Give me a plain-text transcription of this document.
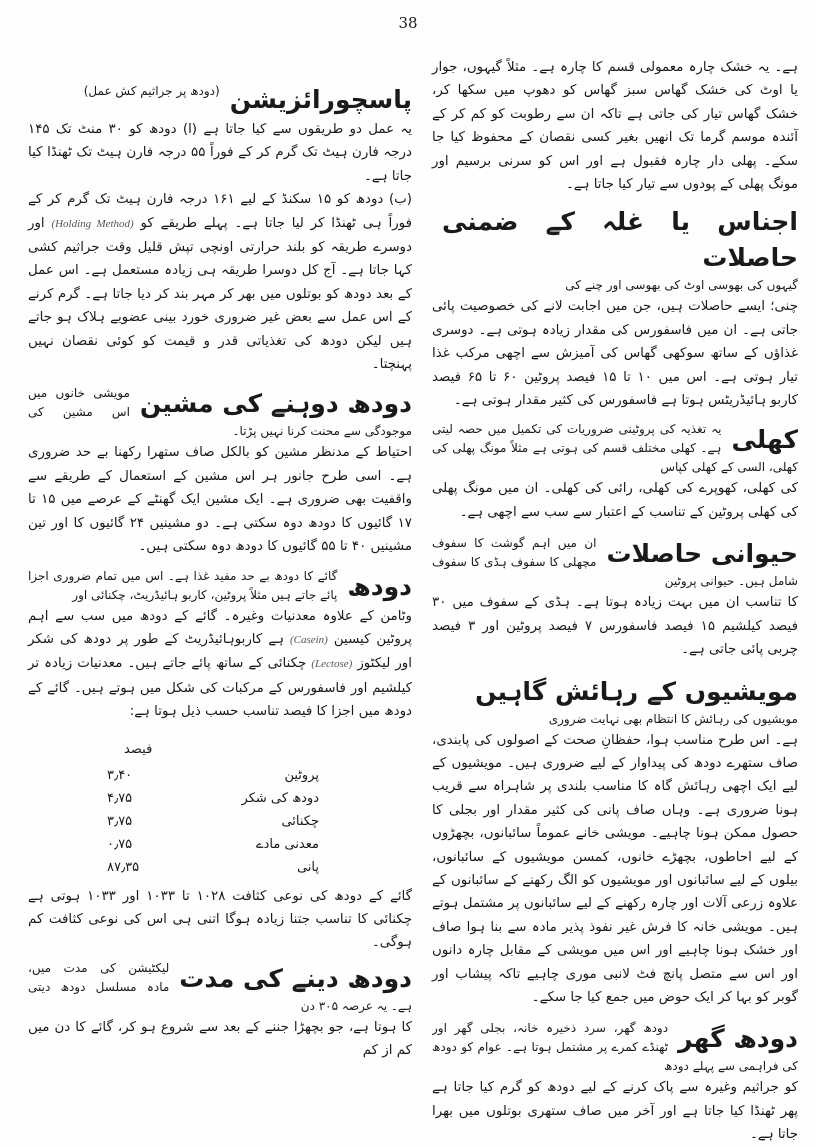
38

ہے۔ یہ خشک چارہ معمولی قسم کا چارہ ہے۔ مثلاً گیہوں، جوار یا اوٹ کی خشک گھاس سبز گھاس کو دھوپ میں سکھا کر، خشک گھاس تیار کی جاتی ہے تاکہ ان سے رطوبت کو کم کر کے آئندہ موسم گرما تک انھیں بغیر کسی نقصان کے محفوظ کیا جا سکے۔ پھلی دار چارہ فقبول ہے اور اس کو سرنی برسیم اور مونگ پھلی کے پودوں سے تیار کیا جاتا ہے۔

اجناس یا غلہ کے ضمنی حاصلات
گیہوں کی بھوسی اوٹ کی بھوسی اور چنے کی

چنی؛ ایسے حاصلات ہیں، جن میں اجابت لانے کی خصوصیت پائی جاتی ہے۔ ان میں فاسفورس کی مقدار زیادہ ہوتی ہے۔ دوسری غذاؤں کے ساتھ سوکھی گھاس کی آمیزش سے اچھی مرکب غذا تیار ہوتی ہے۔ اس میں ۱۰ تا ۱۵ فیصد پروٹین ۶۰ تا ۶۵ فیصد کاربو ہائیڈریٹس ہوتا ہے فاسفورس کی کثیر مقدار ہوتی ہے۔

کھلی
یہ تغذیہ کی پروٹینی ضروریات کی تکمیل میں حصہ لیتی ہے۔ کھلی مختلف قسم کی ہوتی ہے مثلاً مونگ پھلی کی کھلی، السی کے کھلی کپاس

کی کھلی، کھوپرے کی کھلی، رائی کی کھلی۔ ان میں مونگ پھلی کی کھلی پروٹین کے تناسب کے اعتبار سے سب سے اچھی ہے۔

حیوانی حاصلات
ان میں اہم گوشت کا سفوف مچھلی کا سفوف ہڈی کا سفوف شامل ہیں۔ حیوانی پروٹین

کا تناسب ان میں بہت زیادہ ہوتا ہے۔ ہڈی کے سفوف میں ۳۰ فیصد کیلشیم ۱۵ فیصد فاسفورس ۷ فیصد پروٹین اور ۳ فیصد چربی پائی جاتی ہے۔

مویشیوں کے رہائش گاہیں
مویشیوں کی رہائش کا انتظام بھی نہایت ضروری

ہے۔ اس طرح مناسب ہوا، حفظانِ صحت کے اصولوں کی پابندی، صاف ستھرے دودھ کی پیداوار کے لیے ضروری ہیں۔ مویشیوں کے لیے ایک اچھی رہائش گاہ کا مناسب بلندی پر شاہراہ سے قریب ہونا ضروری ہے۔ وہاں صاف پانی کی کثیر مقدار اور بجلی کا حصول ممکن ہونا چاہیے۔ مویشی خانے عموماً سائبانوں، بچھڑوں کے لیے احاطوں، بچھڑے خانوں، کمسن مویشیوں کے سائبانوں، بیلوں کے لیے سائبانوں اور مویشیوں کو الگ رکھنے کے سائبانوں کے علاوہ زرعی آلات اور چارہ رکھنے کے لیے سائبانوں پر مشتمل ہوتے ہیں۔ مویشی خانہ کا فرش غیر نفوذ پذیر مادہ سے بنا ہوا صاف اور خشک ہونا چاہیے اور اس میں مویشی کے مقابل چارہ دانوں اور اس سے متصل پانچ فٹ لانبی موری چاہیے تاکہ پیشاب اور گوبر کو بہا کر ایک حوض میں جمع کیا جا سکے۔

دودھ گھر
دودھ گھر، سرد ذخیرہ خانہ، بجلی گھر اور ٹھنڈے کمرے پر مشتمل ہوتا ہے۔ عوام کو دودھ کی فراہمی سے پہلے دودھ

کو جراثیم وغیرہ سے پاک کرنے کے لیے دودھ کو گرم کیا جاتا ہے پھر ٹھنڈا کیا جاتا ہے اور آخر میں صاف ستھری بوتلوں میں بھرا جاتا ہے۔

پاسچورائزیشن
(دودھ پر جراثیم کش عمل)

یہ عمل دو طریقوں سے کیا جاتا ہے (ا) دودھ کو ۳۰ منٹ تک ۱۴۵ درجہ فارن ہیٹ تک گرم کر کے فوراً ۵۵ درجہ فارن ہیٹ تک ٹھنڈا کیا جاتا ہے۔

(ب) دودھ کو ۱۵ سکنڈ کے لیے ۱۶۱ درجہ فارن ہیٹ تک گرم کر کے فوراً ہی ٹھنڈا کر لیا جاتا ہے۔ پہلے طریقے کو (Holding Method) اور دوسرے طریقہ کو بلند حرارتی اونچی تپش قلیل وقت جراثیم کشی کہا جاتا ہے۔ آج کل دوسرا طریقہ ہی زیادہ مستعمل ہے۔ اس عمل کے بعد دودھ کو بوتلوں میں بھر کر مہر بند کر دیا جاتا ہے۔ گرم کرنے کے اس عمل سے بعض غیر ضروری خورد بینی عضویے ہلاک ہو جاتے ہیں لیکن دودھ کی تغذیاتی قدر و قیمت کو کوئی نقصان نہیں پہنچتا۔

دودھ دوہنے کی مشین
مویشی خانوں میں اس مشین کی موجودگی سے محنت کرنا نہیں پڑتا۔

احتیاط کے مدنظر مشین کو بالکل صاف ستھرا رکھنا بے حد ضروری ہے۔ اسی طرح جانور ہر اس مشین کے استعمال کے طریقے سے واقفیت بھی ضروری ہے۔ ایک مشین ایک گھنٹے کے عرصے میں ۱۵ تا ۱۷ گائیوں کا دودھ دوہ سکتی ہے۔ دو مشینیں ۲۴ گائیوں کا اور تین مشینیں ۴۰ تا ۵۵ گائیوں کا دودھ دوہ سکتی ہیں۔

دودھ
گائے کا دودھ بے حد مفید غذا ہے۔ اس میں تمام ضروری اجزا پائے جاتے ہیں مثلاً پروٹین، کاربو ہائیڈریٹ، چکنائی اور

وٹامن کے علاوہ معدنیات وغیرہ۔ گائے کے دودھ میں سب سے اہم پروٹین کیسین (Casein) ہے کاربوہائیڈریٹ کے طور پر دودھ کی شکر اور لیکٹوز (Lectose) چکنائی کے ساتھ پائے جاتے ہیں۔ معدنیات زیادہ تر کیلشیم اور فاسفورس کے مرکبات کی شکل میں ہوتے ہیں۔ گائے کے دودھ میں اجزا کا فیصد تناسب حسب ذیل ہوتا ہے:

	فیصد
پروٹین	۳٫۴۰
دودھ کی شکر	۴٫۷۵
چکنائی	۳٫۷۵
معدنی مادے	۰٫۷۵
پانی	۸۷٫۳۵

گائے کے دودھ کی نوعی کثافت ۱۰۲۸ تا ۱۰۳۳ اور ۱۰۳۳ ہوتی ہے چکنائی کا تناسب جتنا زیادہ ہوگا اتنی ہی اس کی نوعی کثافت کم ہوگی۔

دودھ دینے کی مدت
لیکٹیشن کی مدت میں، مادہ مسلسل دودھ دیتی ہے۔ یہ عرصہ ۳۰۵ دن

کا ہوتا ہے، جو بچھڑا جننے کے بعد سے شروع ہو کر، گائے کا دن میں کم از کم
